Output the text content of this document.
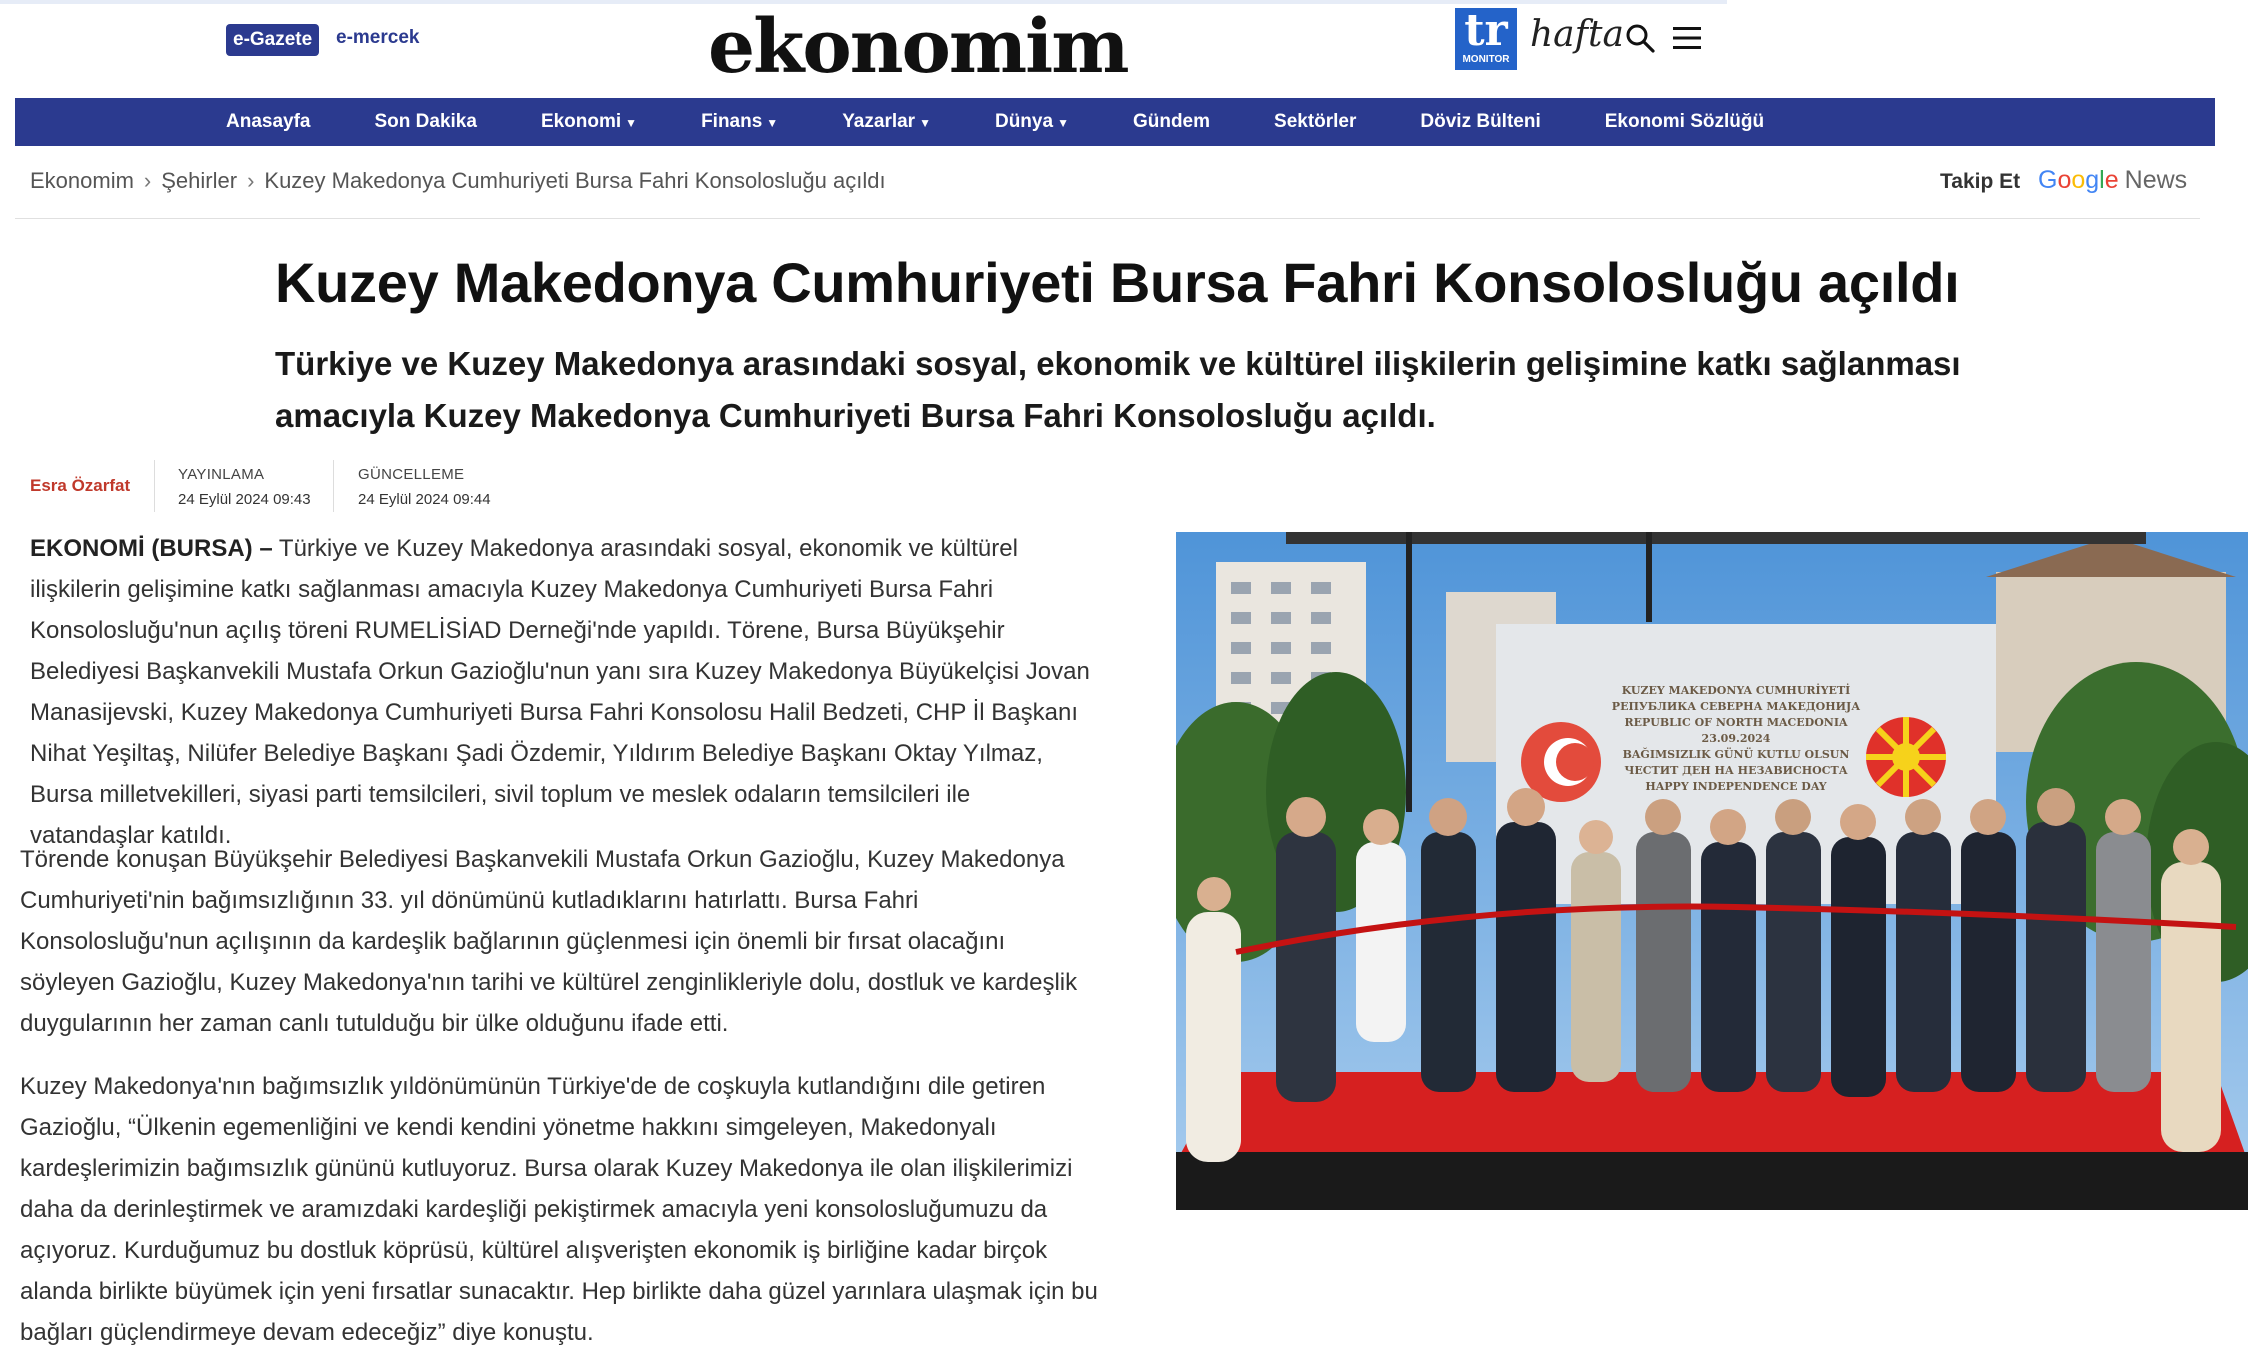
e-Gazete	e-mercek	ekonomim	tr
MONITOR
hafta
Anasayfa	Son Dakika	Ekonomi ▼	Finans ▼	Yazarlar ▼	Dünya ▼	Gündem	Sektörler	Döviz Bülteni	Ekonomi Sözlüğü
Ekonomim › Şehirler › Kuzey Makedonya Cumhuriyeti Bursa Fahri Konsolosluğu açıldı	Takip Et Google News
Kuzey Makedonya Cumhuriyeti Bursa Fahri Konsolosluğu açıldı
Türkiye ve Kuzey Makedonya arasındaki sosyal, ekonomik ve kültürel ilişkilerin gelişimine katkı sağlanması amacıyla Kuzey Makedonya Cumhuriyeti Bursa Fahri Konsolosluğu açıldı.
Esra Özarfat
YAYINLAMA
24 Eylül 2024 09:43
GÜNCELLEME
24 Eylül 2024 09:44

EKONOMİ (BURSA) – Türkiye ve Kuzey Makedonya arasındaki sosyal, ekonomik ve kültürel ilişkilerin gelişimine katkı sağlanması amacıyla Kuzey Makedonya Cumhuriyeti Bursa Fahri Konsolosluğu'nun açılış töreni RUMELİSİAD Derneği'nde yapıldı. Törene, Bursa Büyükşehir Belediyesi Başkanvekili Mustafa Orkun Gazioğlu'nun yanı sıra Kuzey Makedonya Büyükelçisi Jovan Manasijevski, Kuzey Makedonya Cumhuriyeti Bursa Fahri Konsolosu Halil Bedzeti, CHP İl Başkanı Nihat Yeşiltaş, Nilüfer Belediye Başkanı Şadi Özdemir, Yıldırım Belediye Başkanı Oktay Yılmaz, Bursa milletvekilleri, siyasi parti temsilcileri, sivil toplum ve meslek odaların temsilcileri ile vatandaşlar katıldı.

Törende konuşan Büyükşehir Belediyesi Başkanvekili Mustafa Orkun Gazioğlu, Kuzey Makedonya Cumhuriyeti'nin bağımsızlığının 33. yıl dönümünü kutladıklarını hatırlattı. Bursa Fahri Konsolosluğu'nun açılışının da kardeşlik bağlarının güçlenmesi için önemli bir fırsat olacağını söyleyen Gazioğlu, Kuzey Makedonya'nın tarihi ve kültürel zenginlikleriyle dolu, dostluk ve kardeşlik duygularının her zaman canlı tutulduğu bir ülke olduğunu ifade etti.

Kuzey Makedonya'nın bağımsızlık yıldönümünün Türkiye'de de coşkuyla kutlandığını dile getiren Gazioğlu, “Ülkenin egemenliğini ve kendi kendini yönetme hakkını simgeleyen, Makedonyalı kardeşlerimizin bağımsızlık gününü kutluyoruz. Bursa olarak Kuzey Makedonya ile olan ilişkilerimizi daha da derinleştirmek ve aramızdaki kardeşliği pekiştirmek amacıyla yeni konsolosluğumuzu da açıyoruz. Kurduğumuz bu dostluk köprüsü, kültürel alışverişten ekonomik iş birliğine kadar birçok alanda birlikte büyümek için yeni fırsatlar sunacaktır. Hep birlikte daha güzel yarınlara ulaşmak için bu bağları güçlendirmeye devam edeceğiz” diye konuştu.

KUZEY MAKEDONYA CUMHURİYETİ
РЕПУБЛИКА СЕВЕРНА МАКЕДОНИЈА
REPUBLIC OF NORTH MACEDONIA
23.09.2024
BAĞIMSIZLIK GÜNÜ KUTLU OLSUN
ЧЕСТИТ ДЕН НА НЕЗАВИСНОСТА
HAPPY INDEPENDENCE DAY
